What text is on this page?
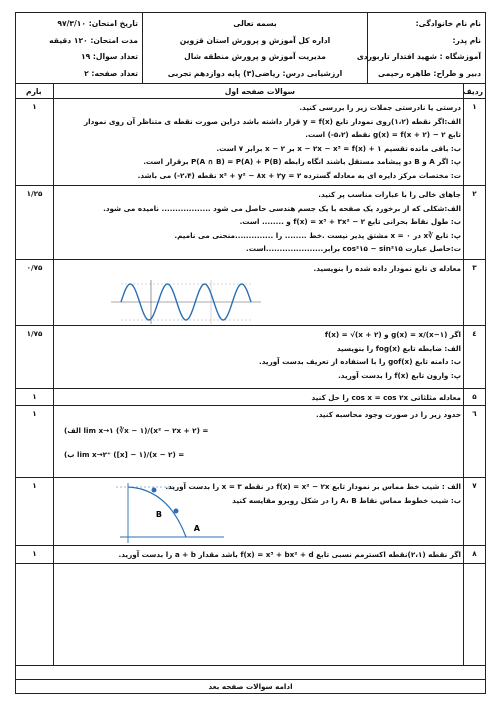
نام نام خانوادگی:
نام پدر:
آموزشگاه : شهید افتدار تاربوردی
دبیر و طراح: طاهره رحیمی
بسمه تعالی
اداره کل آموزش و پرورش استان قزوین
مدیریت آموزش و پرورش منطقه شال
ارزشیابی درس: ریاضی(۳) پایه دوازدهم تجربی
تاریخ امتحان: ۹۷/۳/۱۰
مدت امتحان: ۱۲۰ دقیقه
تعداد سوال: ۱۹
تعداد صفحه: ۲
ردیف
سوالات صفحه اول
بارم
۱
درستی یا نادرستی جملات زیر را بررسی کنید.
الف:اگر نقطه (۱،۲)روی نمودار تابع y = f(x) قرار داشته باشد دراین صورت نقطه ی متناظر آن روی نمودار
تابع g(x) = f(x + ۲) − ۲ نقطه (۵،۲-) است.
ب: باقی مانده تقسیم ۱ + x − ۲x − x³ = f(x) بر ۲ − x برابر ۷ است.
پ: اگر A و B دو پیشامد مستقل باشند انگاه رابطه P(A ∩ B) = P(A) + P(B) برقرار است.
ت: مختصات مرکز دایره ای به معادله گسترده ۲ = x² + y² − ۸x + ۲y نقطه (۲،۴-) می باشد.
۱
۲
جاهای خالی را با عبارات مناسب پر کنید.
الف:شکلی که از برخورد یک صفحه با یک جسم هندسی حاصل می شود .................. نامیده می شود.
ب: طول نقاط بحرانی تابع f(x) = x³ + ۳x² − ۲ و ........ است.
پ: تابع ∛x در x = ۰ مشتق پذیر نیست .خط ........ را ..............منحنی می نامیم.
ت:حاصل عبارت cos²۱۵ − sin²۱۵ برابر.....................است.
۱/۲۵
۳
معادله ی تابع نمودار داده شده را بنویسید.
۰/۷۵
٤
اگر g(x) = x/(x−۱) و f(x) = √(x + ۲)
الف: ضابطه تابع fog(x) را بنویسید
ب: دامنه تابع gof(x) را با استفاده از تعریف بدست آورید.
پ: وارون تابع f(x) را بدست آورید.
۱/۷۵
۵
معادله مثلثاتی cos x = cos ۲x را حل کنید
۱
٦
حدود زیر را در صورت وجود محاسبه کنید.
(الف lim x→۱ (∛x − ۱)/(x² − ۲x + ۲) =
(ب lim x→۲⁺ ([x] − ۱)/(x − ۲) =
۱
۷
الف : شیب خط مماس بر نمودار تابع f(x) = x² − ۲x در نقطه ۳ = x را بدست آورید.
ب: شیب خطوط مماس نقاط A، B را در شکل روبرو مقایسه کنید
B
A
۱
۸
اگر نقطه (۲،۱)نقطه اکسترمم نسبی تابع f(x) = x³ + bx² + d باشد مقدار a + b را بدست آورید.
۱
ادامه سوالات صفحه بعد
